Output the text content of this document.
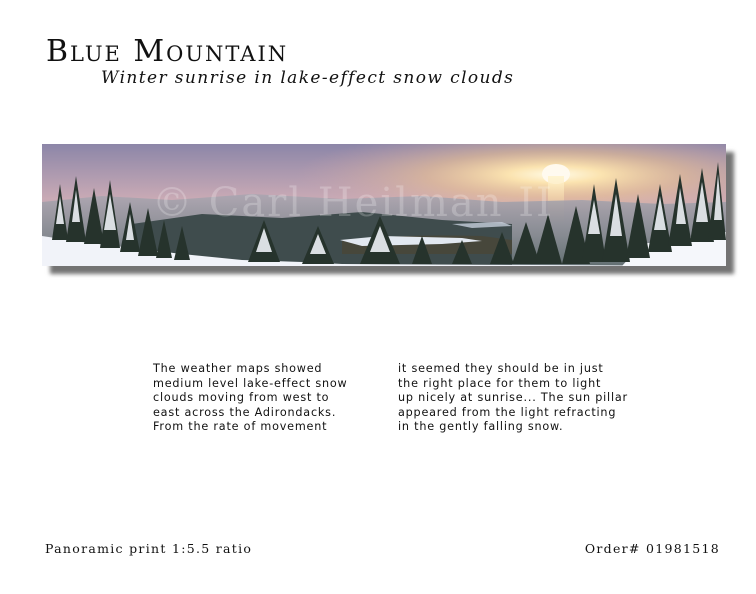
Blue Mountain
Winter sunrise in lake-effect snow clouds
© Carl Heilman II
The weather maps showed
medium level lake-effect snow
clouds moving from west to
east across the Adirondacks.
From the rate of movement
it seemed they should be in just
the right place for them to light
up nicely at sunrise... The sun pillar
appeared from the light refracting
in the gently falling snow.
Panoramic print 1:5.5 ratio	Order# 01981518
